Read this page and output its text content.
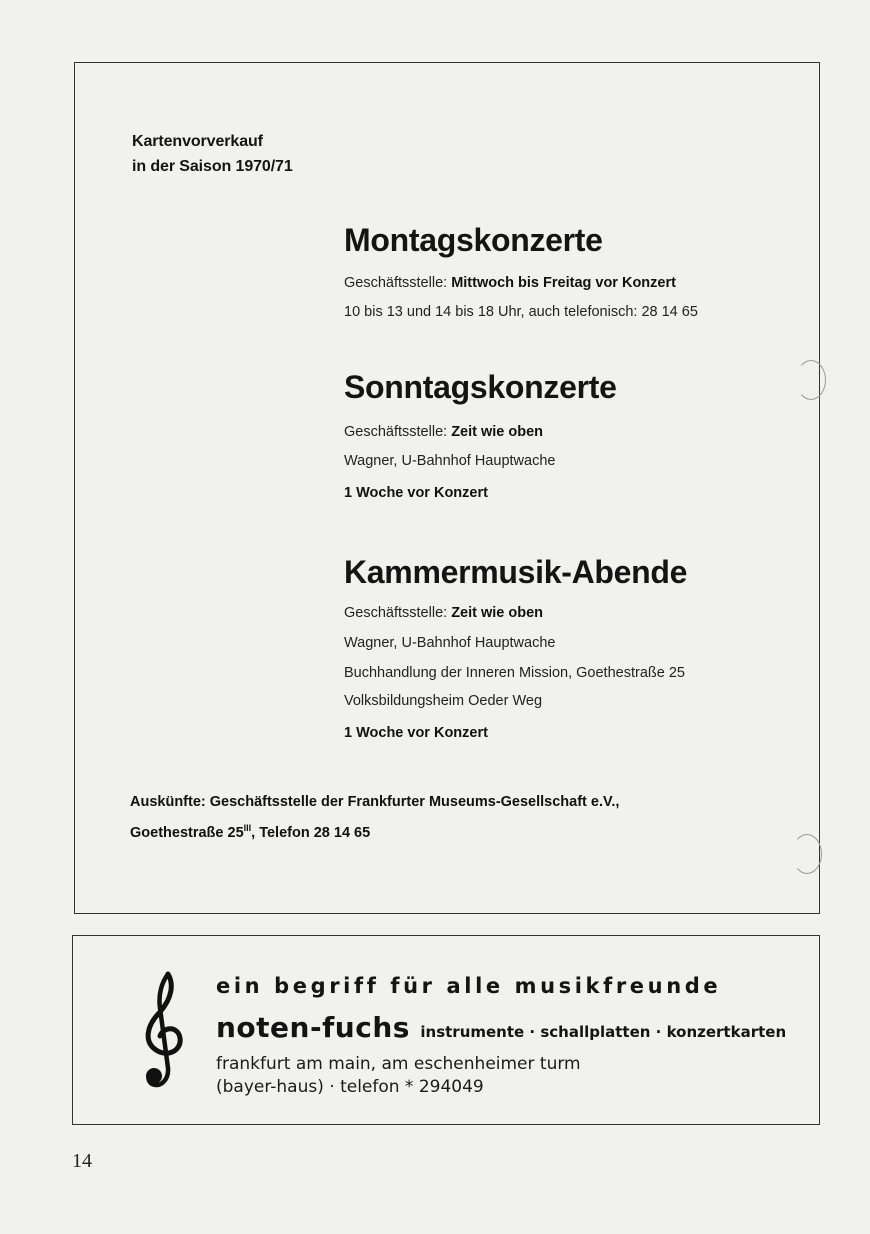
Kartenvorverkauf
in der Saison 1970/71
Montagskonzerte
Geschäftsstelle: Mittwoch bis Freitag vor Konzert
10 bis 13 und 14 bis 18 Uhr, auch telefonisch: 28 14 65
Sonntagskonzerte
Geschäftsstelle: Zeit wie oben
Wagner, U-Bahnhof Hauptwache
1 Woche vor Konzert
Kammermusik-Abende
Geschäftsstelle: Zeit wie oben
Wagner, U-Bahnhof Hauptwache
Buchhandlung der Inneren Mission, Goethestraße 25
Volksbildungsheim Oeder Weg
1 Woche vor Konzert
Auskünfte: Geschäftsstelle der Frankfurter Museums-Gesellschaft e.V.,
Goethestraße $25^{III}$, Telefon 28 14 65
ein begriff für alle musikfreunde
noten-fuchs instrumente · schallplatten · konzertkarten
frankfurt am main, am eschenheimer turm
(bayer-haus) · telefon * 294049
14
